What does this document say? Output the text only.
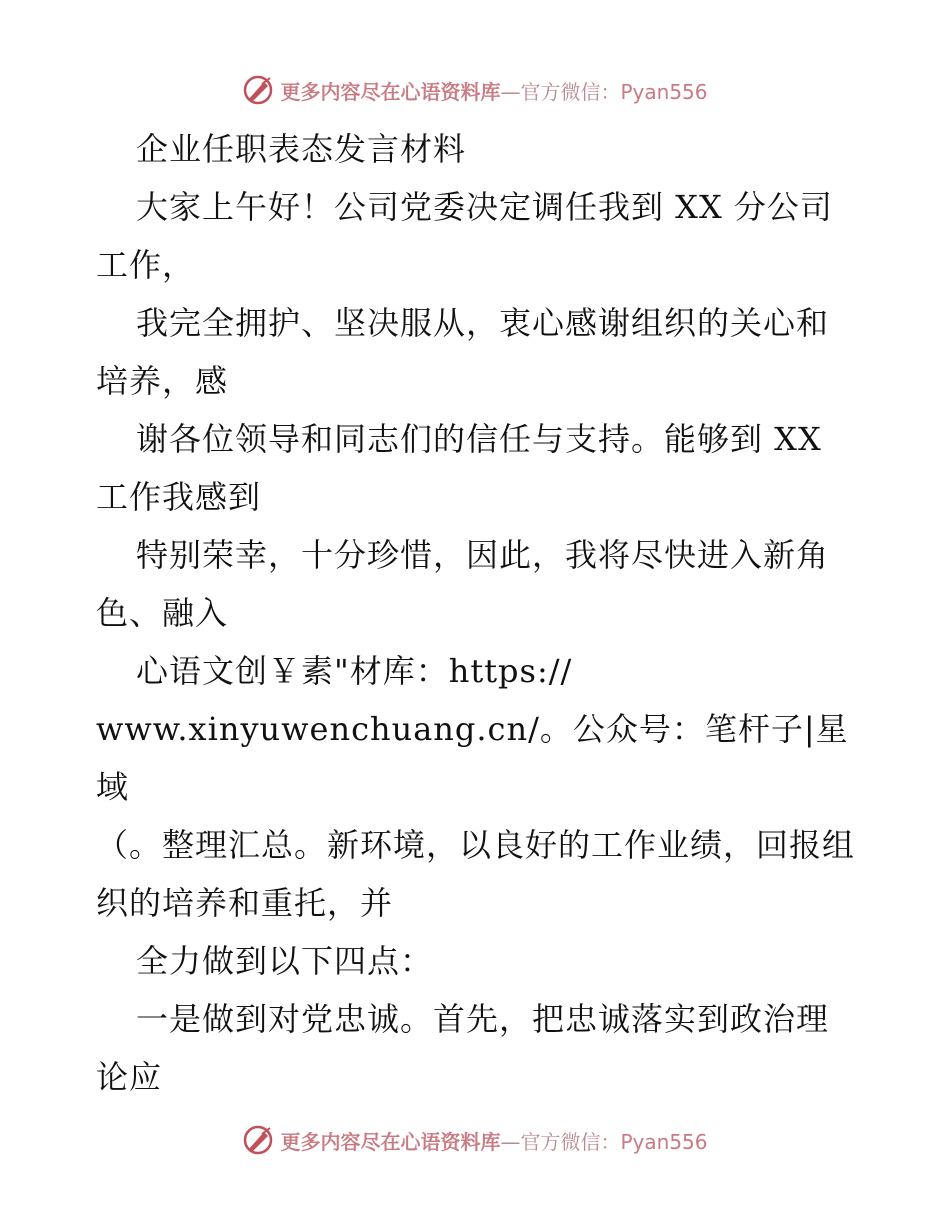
更多内容尽在心语资料库—官方微信：Pyan556

企业任职表态发言材料

大家上午好！公司党委决定调任我到 XX 分公司工作，

我完全拥护、坚决服从，衷心感谢组织的关心和培养，感

谢各位领导和同志们的信任与支持。能够到 XX 工作我感到

特别荣幸，十分珍惜，因此，我将尽快进入新角色、融入

心语文创￥素"材库：https://

www.xinyuwenchuang.cn/。公众号：笔杆子|星域

（。整理汇总。新环境，以良好的工作业绩，回报组织的培养和重托，并

全力做到以下四点：

一是做到对党忠诚。首先，把忠诚落实到政治理论应

更多内容尽在心语资料库—官方微信：Pyan556
